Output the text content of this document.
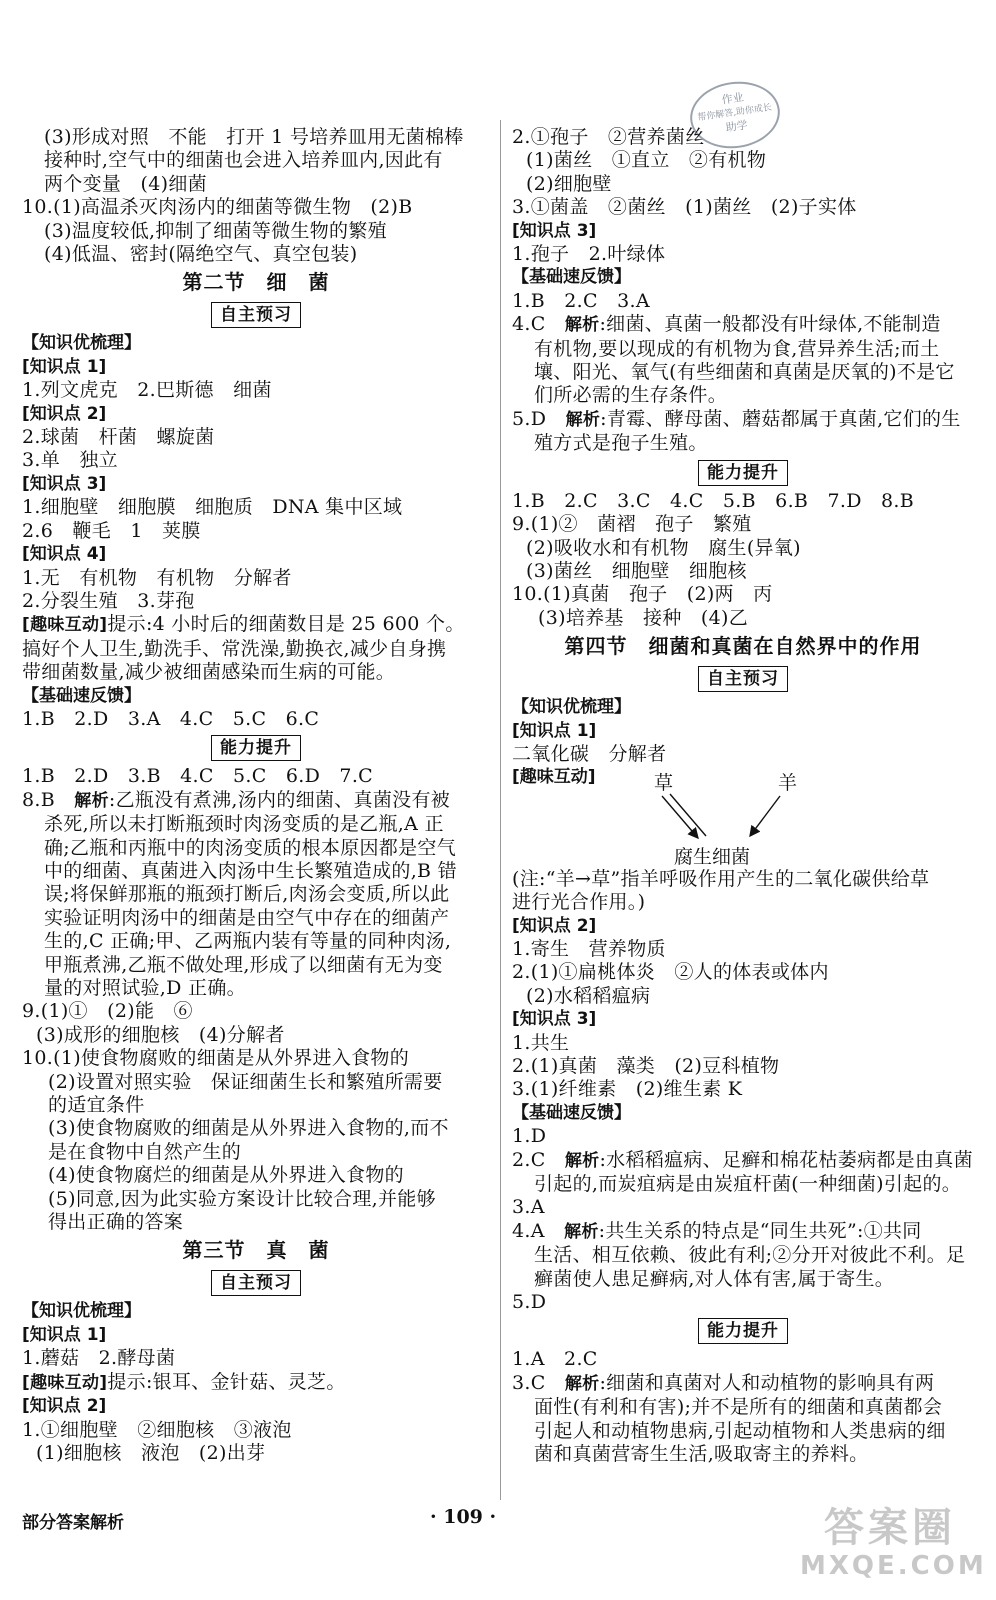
作业
帮你解答,助你成长
助学
(3)形成对照　不能　打开 1 号培养皿用无菌棉棒
接种时,空气中的细菌也会进入培养皿内,因此有
两个变量　(4)细菌
10.(1)高温杀灭肉汤内的细菌等微生物　(2)B
(3)温度较低,抑制了细菌等微生物的繁殖
(4)低温、密封(隔绝空气、真空包装)
第二节　细　菌
自主预习
【知识优梳理】
[知识点 1]
1.列文虎克　2.巴斯德　细菌
[知识点 2]
2.球菌　杆菌　螺旋菌
3.单　独立
[知识点 3]
1.细胞壁　细胞膜　细胞质　DNA 集中区域
2.6　鞭毛　1　荚膜
[知识点 4]
1.无　有机物　有机物　分解者
2.分裂生殖　3.芽孢
[趣味互动]提示:4 小时后的细菌数目是 25 600 个。
搞好个人卫生,勤洗手、常洗澡,勤换衣,减少自身携
带细菌数量,减少被细菌感染而生病的可能。
【基础速反馈】
1.B　2.D　3.A　4.C　5.C　6.C
能力提升
1.B　2.D　3.B　4.C　5.C　6.D　7.C
8.B　解析:乙瓶没有煮沸,汤内的细菌、真菌没有被
杀死,所以未打断瓶颈时肉汤变质的是乙瓶,A 正
确;乙瓶和丙瓶中的肉汤变质的根本原因都是空气
中的细菌、真菌进入肉汤中生长繁殖造成的,B 错
误;将保鲜那瓶的瓶颈打断后,肉汤会变质,所以此
实验证明肉汤中的细菌是由空气中存在的细菌产
生的,C 正确;甲、乙两瓶内装有等量的同种肉汤,
甲瓶煮沸,乙瓶不做处理,形成了以细菌有无为变
量的对照试验,D 正确。
9.(1)①　(2)能　⑥
(3)成形的细胞核　(4)分解者
10.(1)使食物腐败的细菌是从外界进入食物的
(2)设置对照实验　保证细菌生长和繁殖所需要
的适宜条件
(3)使食物腐败的细菌是从外界进入食物的,而不
是在食物中自然产生的
(4)使食物腐烂的细菌是从外界进入食物的
(5)同意,因为此实验方案设计比较合理,并能够
得出正确的答案
第三节　真　菌
自主预习
【知识优梳理】
[知识点 1]
1.蘑菇　2.酵母菌
[趣味互动]提示:银耳、金针菇、灵芝。
[知识点 2]
1.①细胞壁　②细胞核　③液泡
(1)细胞核　液泡　(2)出芽
2.①孢子　②营养菌丝
(1)菌丝　①直立　②有机物
(2)细胞壁
3.①菌盖　②菌丝　(1)菌丝　(2)子实体
[知识点 3]
1.孢子　2.叶绿体
【基础速反馈】
1.B　2.C　3.A
4.C　解析:细菌、真菌一般都没有叶绿体,不能制造
有机物,要以现成的有机物为食,营异养生活;而土
壤、阳光、氧气(有些细菌和真菌是厌氧的)不是它
们所必需的生存条件。
5.D　解析:青霉、酵母菌、蘑菇都属于真菌,它们的生
殖方式是孢子生殖。
能力提升
1.B　2.C　3.C　4.C　5.B　6.B　7.D　8.B
9.(1)②　菌褶　孢子　繁殖
(2)吸收水和有机物　腐生(异氧)
(3)菌丝　细胞壁　细胞核
10.(1)真菌　孢子　(2)两　丙
(3)培养基　接种　(4)乙
第四节　细菌和真菌在自然界中的作用
自主预习
【知识优梳理】
[知识点 1]
二氧化碳　分解者
[趣味互动]	草	羊
腐生细菌
(注:“羊→草”指羊呼吸作用产生的二氧化碳供给草
进行光合作用。)
[知识点 2]
1.寄生　营养物质
2.(1)①扁桃体炎　②人的体表或体内
(2)水稻稻瘟病
[知识点 3]
1.共生
2.(1)真菌　藻类　(2)豆科植物
3.(1)纤维素　(2)维生素 K
【基础速反馈】
1.D
2.C　解析:水稻稻瘟病、足癣和棉花枯萎病都是由真菌
引起的,而炭疽病是由炭疽杆菌(一种细菌)引起的。
3.A
4.A　解析:共生关系的特点是“同生共死”:①共同
生活、相互依赖、彼此有利;②分开对彼此不利。足
癣菌使人患足癣病,对人体有害,属于寄生。
5.D
能力提升
1.A　2.C
3.C　解析:细菌和真菌对人和动植物的影响具有两
面性(有利和有害);并不是所有的细菌和真菌都会
引起人和动植物患病,引起动植物和人类患病的细
菌和真菌营寄生生活,吸取寄主的养料。
部分答案解析	· 109 ·	答案圈
MXQE.COM
